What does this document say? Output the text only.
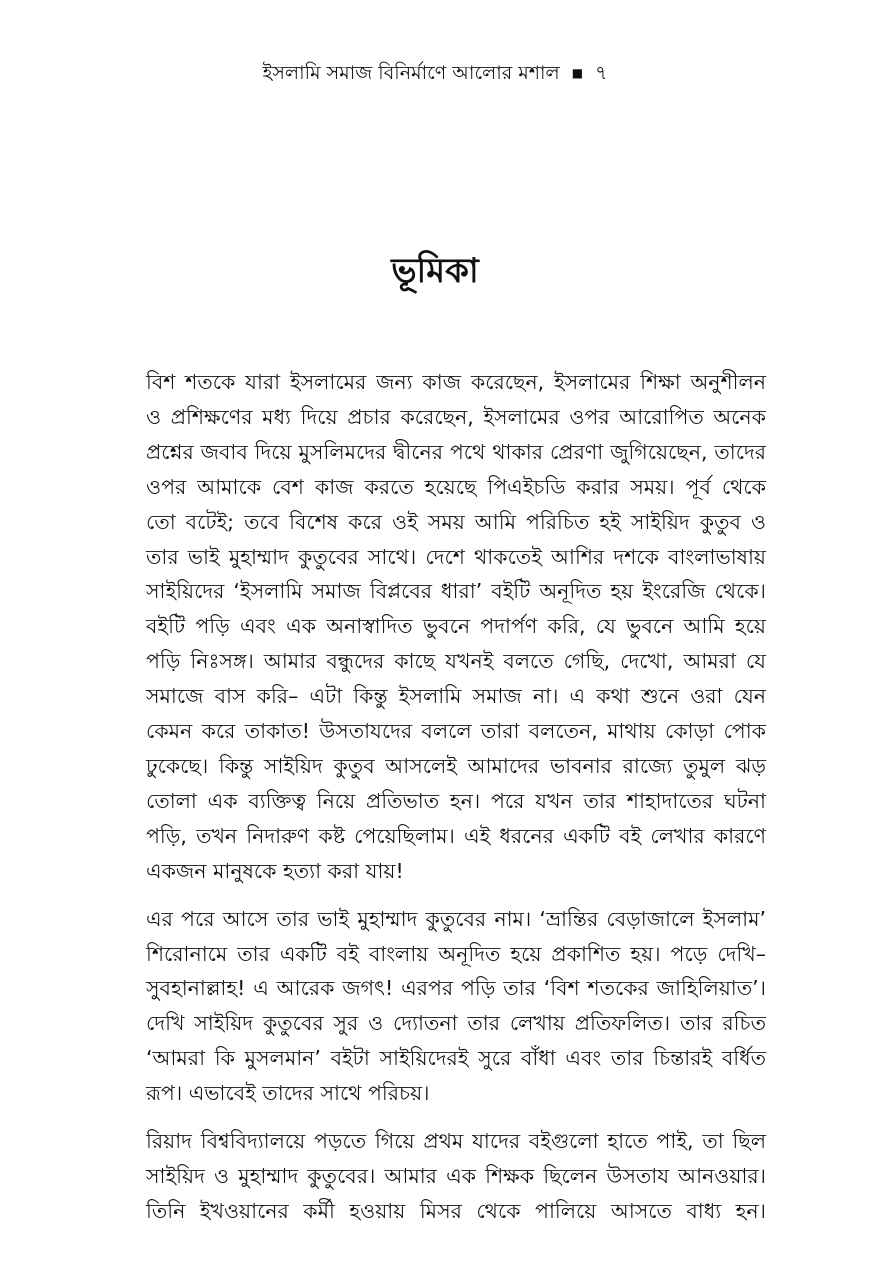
ইসলামি সমাজ বিনির্মাণে আলোর মশাল ■ ৭
ভূমিকা

বিশ শতকে যারা ইসলামের জন্য কাজ করেছেন, ইসলামের শিক্ষা অনুশীলন
ও প্রশিক্ষণের মধ্য দিয়ে প্রচার করেছেন, ইসলামের ওপর আরোপিত অনেক
প্রশ্নের জবাব দিয়ে মুসলিমদের দ্বীনের পথে থাকার প্রেরণা জুগিয়েছেন, তাদের
ওপর আমাকে বেশ কাজ করতে হয়েছে পিএইচডি করার সময়। পূর্ব থেকে
তো বটেই; তবে বিশেষ করে ওই সময় আমি পরিচিত হই সাইয়িদ কুতুব ও
তার ভাই মুহাম্মাদ কুতুবের সাথে। দেশে থাকতেই আশির দশকে বাংলাভাষায়
সাইয়িদের ‘ইসলামি সমাজ বিপ্লবের ধারা’ বইটি অনূদিত হয় ইংরেজি থেকে।
বইটি পড়ি এবং এক অনাস্বাদিত ভুবনে পদার্পণ করি, যে ভুবনে আমি হয়ে
পড়ি নিঃসঙ্গ। আমার বন্ধুদের কাছে যখনই বলতে গেছি, দেখো, আমরা যে
সমাজে বাস করি– এটা কিন্তু ইসলামি সমাজ না। এ কথা শুনে ওরা যেন
কেমন করে তাকাত! উসতাযদের বললে তারা বলতেন, মাথায় কোড়া পোক
ঢুকেছে। কিন্তু সাইয়িদ কুতুব আসলেই আমাদের ভাবনার রাজ্যে তুমুল ঝড়
তোলা এক ব্যক্তিত্ব নিয়ে প্রতিভাত হন। পরে যখন তার শাহাদাতের ঘটনা
পড়ি, তখন নিদারুণ কষ্ট পেয়েছিলাম। এই ধরনের একটি বই লেখার কারণে
একজন মানুষকে হত্যা করা যায়!

এর পরে আসে তার ভাই মুহাম্মাদ কুতুবের নাম। ‘ভ্রান্তির বেড়াজালে ইসলাম’
শিরোনামে তার একটি বই বাংলায় অনূদিত হয়ে প্রকাশিত হয়। পড়ে দেখি–
সুবহানাল্লাহ! এ আরেক জগৎ! এরপর পড়ি তার ‘বিশ শতকের জাহিলিয়াত’।
দেখি সাইয়িদ কুতুবের সুর ও দ্যোতনা তার লেখায় প্রতিফলিত। তার রচিত
‘আমরা কি মুসলমান’ বইটা সাইয়িদেরই সুরে বাঁধা এবং তার চিন্তারই বর্ধিত
রূপ। এভাবেই তাদের সাথে পরিচয়।

রিয়াদ বিশ্ববিদ্যালয়ে পড়তে গিয়ে প্রথম যাদের বইগুলো হাতে পাই, তা ছিল
সাইয়িদ ও মুহাম্মাদ কুতুবের। আমার এক শিক্ষক ছিলেন উসতায আনওয়ার।
তিনি ইখওয়ানের কর্মী হওয়ায় মিসর থেকে পালিয়ে আসতে বাধ্য হন।
